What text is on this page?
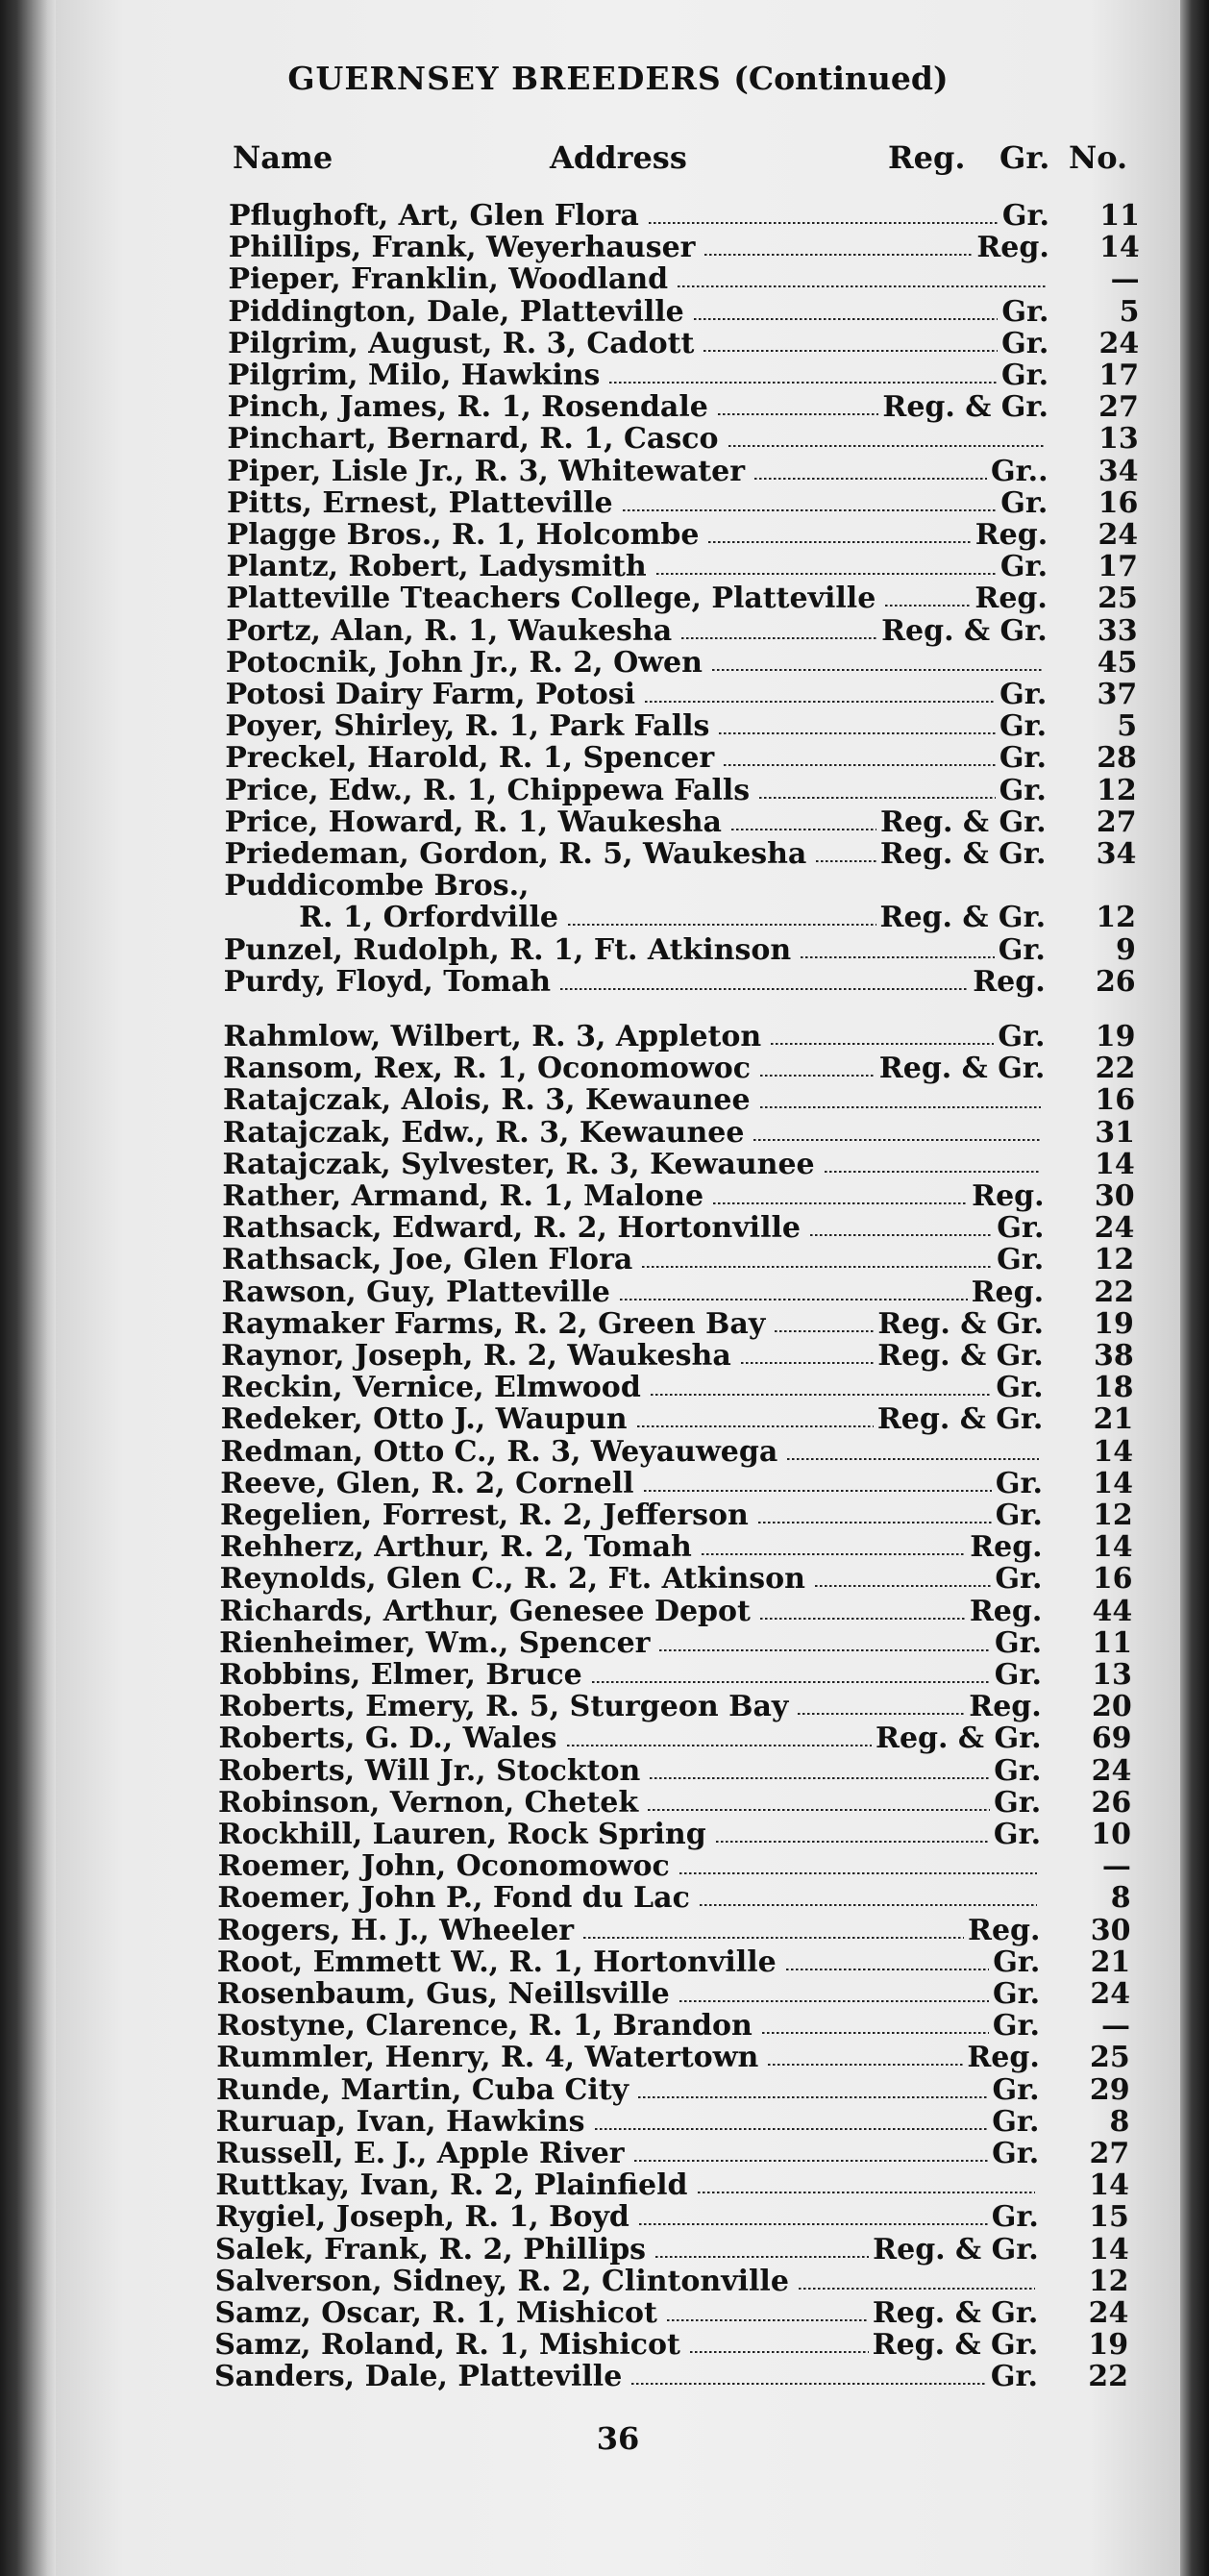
GUERNSEY BREEDERS (Continued)
Name	Address	Reg. Gr. No.
Pflughoft, Art, Glen Flora	Gr.	11
Phillips, Frank, Weyerhauser	Reg.	14
Pieper, Franklin, Woodland	—
Piddington, Dale, Platteville	Gr.	5
Pilgrim, August, R. 3, Cadott	Gr.	24
Pilgrim, Milo, Hawkins	Gr.	17
Pinch, James, R. 1, Rosendale	Reg. & Gr.	27
Pinchart, Bernard, R. 1, Casco	13
Piper, Lisle Jr., R. 3, Whitewater	Gr..	34
Pitts, Ernest, Platteville	Gr.	16
Plagge Bros., R. 1, Holcombe	Reg.	24
Plantz, Robert, Ladysmith	Gr.	17
Platteville Tteachers College, Platteville	Reg.	25
Portz, Alan, R. 1, Waukesha	Reg. & Gr.	33
Potocnik, John Jr., R. 2, Owen	45
Potosi Dairy Farm, Potosi	Gr.	37
Poyer, Shirley, R. 1, Park Falls	Gr.	5
Preckel, Harold, R. 1, Spencer	Gr.	28
Price, Edw., R. 1, Chippewa Falls	Gr.	12
Price, Howard, R. 1, Waukesha	Reg. & Gr.	27
Priedeman, Gordon, R. 5, Waukesha	Reg. & Gr.	34
Puddicombe Bros.,
R. 1, Orfordville	Reg. & Gr.	12
Punzel, Rudolph, R. 1, Ft. Atkinson	Gr.	9
Purdy, Floyd, Tomah	Reg.	26
Rahmlow, Wilbert, R. 3, Appleton	Gr.	19
Ransom, Rex, R. 1, Oconomowoc	Reg. & Gr.	22
Ratajczak, Alois, R. 3, Kewaunee	16
Ratajczak, Edw., R. 3, Kewaunee	31
Ratajczak, Sylvester, R. 3, Kewaunee	14
Rather, Armand, R. 1, Malone	Reg.	30
Rathsack, Edward, R. 2, Hortonville	Gr.	24
Rathsack, Joe, Glen Flora	Gr.	12
Rawson, Guy, Platteville	Reg.	22
Raymaker Farms, R. 2, Green Bay	Reg. & Gr.	19
Raynor, Joseph, R. 2, Waukesha	Reg. & Gr.	38
Reckin, Vernice, Elmwood	Gr.	18
Redeker, Otto J., Waupun	Reg. & Gr.	21
Redman, Otto C., R. 3, Weyauwega	14
Reeve, Glen, R. 2, Cornell	Gr.	14
Regelien, Forrest, R. 2, Jefferson	Gr.	12
Rehherz, Arthur, R. 2, Tomah	Reg.	14
Reynolds, Glen C., R. 2, Ft. Atkinson	Gr.	16
Richards, Arthur, Genesee Depot	Reg.	44
Rienheimer, Wm., Spencer	Gr.	11
Robbins, Elmer, Bruce	Gr.	13
Roberts, Emery, R. 5, Sturgeon Bay	Reg.	20
Roberts, G. D., Wales	Reg. & Gr.	69
Roberts, Will Jr., Stockton	Gr.	24
Robinson, Vernon, Chetek	Gr.	26
Rockhill, Lauren, Rock Spring	Gr.	10
Roemer, John, Oconomowoc	—
Roemer, John P., Fond du Lac	8
Rogers, H. J., Wheeler	Reg.	30
Root, Emmett W., R. 1, Hortonville	Gr.	21
Rosenbaum, Gus, Neillsville	Gr.	24
Rostyne, Clarence, R. 1, Brandon	Gr.	—
Rummler, Henry, R. 4, Watertown	Reg.	25
Runde, Martin, Cuba City	Gr.	29
Ruruap, Ivan, Hawkins	Gr.	8
Russell, E. J., Apple River	Gr.	27
Ruttkay, Ivan, R. 2, Plainfield	14
Rygiel, Joseph, R. 1, Boyd	Gr.	15
Salek, Frank, R. 2, Phillips	Reg. & Gr.	14
Salverson, Sidney, R. 2, Clintonville	12
Samz, Oscar, R. 1, Mishicot	Reg. & Gr.	24
Samz, Roland, R. 1, Mishicot	Reg. & Gr.	19
Sanders, Dale, Platteville	Gr.	22
36
